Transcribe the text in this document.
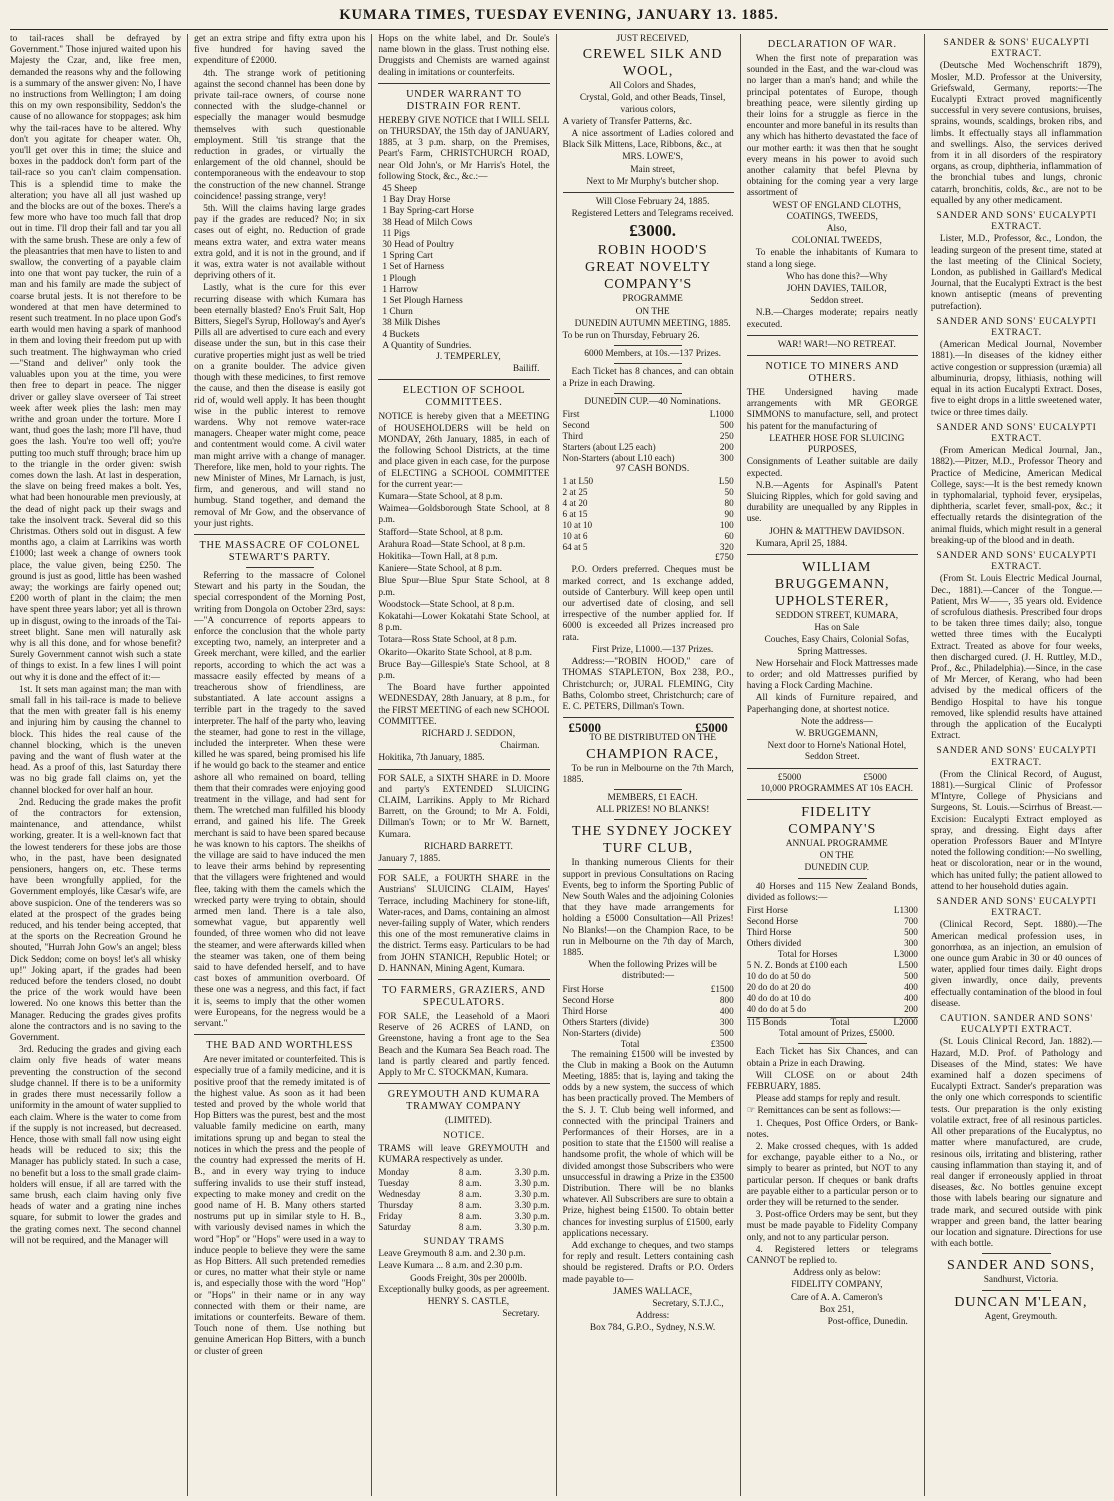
KUMARA TIMES, TUESDAY EVENING, JANUARY 13. 1885.

to tail-races shall be defrayed by Government." Those injured waited upon his Majesty the Czar, and, like free men, demanded the reasons why and the following is a summary of the answer given: No, I have no instructions from Wellington; I am doing this on my own responsibility, Seddon's the cause of no allowance for stoppages; ask him why the tail-races have to be altered. Why don't you agitate for cheaper water. Oh, you'll get over this in time; the sluice and boxes in the paddock don't form part of the tail-race so you can't claim compensation. This is a splendid time to make the alteration; you have all all just washed up and the blocks are out of the boxes. There's a few more who have too much fall that drop out in time. I'll drop their fall and tar you all with the same brush. These are only a few of the pleasantries that men have to listen to and swallow, the converting of a payable claim into one that wont pay tucker, the ruin of a man and his family are made the subject of coarse brutal jests. It is not therefore to be wondered at that men have determined to resent such treatment. In no place upon God's earth would men having a spark of manhood in them and loving their freedom put up with such treatment. The highwayman who cried—"Stand and deliver" only took the valuables upon you at the time, you were then free to depart in peace. The nigger driver or galley slave overseer of Tai street week after week plies the lash: men may writhe and groan under the torture. More I want, thud goes the lash; more I'll have, thud goes the lash. You're too well off; you're putting too much stuff through; brace him up to the triangle in the order given: swish comes down the lash. At last in desperation, the slave on being freed makes a bolt. Yes, what had been honourable men previously, at the dead of night pack up their swags and take the insolvent track. Several did so this Christmas. Others sold out in disgust. A few months ago, a claim at Larrikins was worth £1000; last week a change of owners took place, the value given, being £250. The ground is just as good, little has been washed away; the workings are fairly opened out; £200 worth of plant in the claim; the men have spent three years labor; yet all is thrown up in disgust, owing to the inroads of the Tai-street blight. Sane men will naturally ask why is all this done, and for whose benefit? Surely Government cannot wish such a state of things to exist. In a few lines I will point out why it is done and the effect of it:—

1st. It sets man against man; the man with small fall in his tail-race is made to believe that the men with greater fall is his enemy and injuring him by causing the channel to block. This hides the real cause of the channel blocking, which is the uneven paving and the want of flush water at the head. As a proof of this, last Saturday there was no big grade fall claims on, yet the channel blocked for over half an hour.

2nd. Reducing the grade makes the profit of the contractors for extension, maintenance, and attendance, whilst working, greater. It is a well-known fact that the lowest tenderers for these jobs are those who, in the past, have been designated pensioners, hangers on, etc. These terms have been wrongfully applied, for the Government employés, like Cæsar's wife, are above suspicion. One of the tenderers was so elated at the prospect of the grades being reduced, and his tender being accepted, that at the sports on the Recreation Ground he shouted, "Hurrah John Gow's an angel; bless Dick Seddon; come on boys! let's all whisky up!" Joking apart, if the grades had been reduced before the tenders closed, no doubt the price of the work would have been lowered. No one knows this better than the Manager. Reducing the grades gives profits alone the contractors and is no saving to the Government.

3rd. Reducing the grades and giving each claim only five heads of water means preventing the construction of the second sludge channel. If there is to be a uniformity in grades there must necessarily follow a uniformity in the amount of water supplied to each claim. Where is the water to come from if the supply is not increased, but decreased. Hence, those with small fall now using eight heads will be reduced to six; this the Manager has publicly stated. In such a case, no benefit but a loss to the small grade claim-holders will ensue, if all are tarred with the same brush, each claim having only five heads of water and a grating nine inches square, for submit to lower the grades and the grating comes next. The second channel will not be required, and the Manager will

get an extra stripe and fifty extra upon his five hundred for having saved the expenditure of £2000.

4th. The strange work of petitioning against the second channel has been done by private tail-race owners, of course none connected with the sludge-channel or especially the manager would besmudge themselves with such questionable employment. Still 'tis strange that the reduction in grades, or virtually the enlargement of the old channel, should be contemporaneous with the endeavour to stop the construction of the new channel. Strange coincidence! passing strange, very!

5th. Will the claims having large grades pay if the grades are reduced? No; in six cases out of eight, no. Reduction of grade means extra water, and extra water means extra gold, and it is not in the ground, and if it was, extra water is not available without depriving others of it.

Lastly, what is the cure for this ever recurring disease with which Kumara has been eternally blasted? Eno's Fruit Salt, Hop Bitters, Siegel's Syrup, Holloway's and Ayer's Pills all are advertised to cure each and every disease under the sun, but in this case their curative properties might just as well be tried on a granite boulder. The advice given though with these medicines, to first remove the cause, and then the disease is easily got rid of, would well apply. It has been thought wise in the public interest to remove wardens. Why not remove water-race managers. Cheaper water might come, peace and contentment would come. A civil water man might arrive with a change of manager. Therefore, like men, hold to your rights. The new Minister of Mines, Mr Larnach, is just, firm, and generous, and will stand no humbug. Stand together, and demand the removal of Mr Gow, and the observance of your just rights.

THE MASSACRE OF COLONEL STEWART'S PARTY.

Referring to the massacre of Colonel Stewart and his party in the Soudan, the special correspondent of the Morning Post, writing from Dongola on October 23rd, says:—"A concurrence of reports appears to enforce the conclusion that the whole party excepting two, namely, an interpreter and a Greek merchant, were killed, and the earlier reports, according to which the act was a massacre easily effected by means of a treacherous show of friendliness, are substantiated. A late account assigns a terrible part in the tragedy to the saved interpreter. The half of the party who, leaving the steamer, had gone to rest in the village, included the interpreter. When these were killed he was spared, being promised his life if he would go back to the steamer and entice ashore all who remained on board, telling them that their comrades were enjoying good treatment in the village, and had sent for them. The wretched man fulfilled his bloody errand, and gained his life. The Greek merchant is said to have been spared because he was known to his captors. The sheikhs of the village are said to have induced the men to leave their arms behind by representing that the villagers were frightened and would flee, taking with them the camels which the wrecked party were trying to obtain, should armed men land. There is a tale also, somewhat vague, but apparently well founded, of three women who did not leave the steamer, and were afterwards killed when the steamer was taken, one of them being said to have defended herself, and to have cast boxes of ammunition overboard. Of these one was a negress, and this fact, if fact it is, seems to imply that the other women were Europeans, for the negress would be a servant."

THE BAD AND WORTHLESS

Are never imitated or counterfeited. This is especially true of a family medicine, and it is positive proof that the remedy imitated is of the highest value. As soon as it had been tested and proved by the whole world that Hop Bitters was the purest, best and the most valuable family medicine on earth, many imitations sprung up and began to steal the notices in which the press and the people of the country had expressed the merits of H. B., and in every way trying to induce suffering invalids to use their stuff instead, expecting to make money and credit on the good name of H. B. Many others started nostrums put up in similar style to H. B., with variously devised names in which the word "Hop" or "Hops" were used in a way to induce people to believe they were the same as Hop Bitters. All such pretended remedies or cures, no matter what their style or name is, and especially those with the word "Hop" or "Hops" in their name or in any way connected with them or their name, are imitations or counterfeits. Beware of them. Touch none of them. Use nothing but genuine American Hop Bitters, with a bunch or cluster of green

Hops on the white label, and Dr. Soule's name blown in the glass. Trust nothing else. Druggists and Chemists are warned against dealing in imitations or counterfeits.

UNDER WARRANT TO DISTRAIN FOR RENT.

HEREBY GIVE NOTICE that I WILL SELL on THURSDAY, the 15th day of JANUARY, 1885, at 3 p.m. sharp, on the Premises, Peart's Farm, CHRISTCHURCH ROAD, near Old John's, or Mr Harris's Hotel, the following Stock, &c., &c.:—

45 Sheep
1 Bay Dray Horse
1 Bay Spring-cart Horse
38 Head of Milch Cows
11 Pigs
30 Head of Poultry
1 Spring Cart
1 Set of Harness
1 Plough
1 Harrow
1 Set Plough Harness
1 Churn
38 Milk Dishes
4 Buckets
A Quantity of Sundries.

J. TEMPERLEY,

Bailiff.

ELECTION OF SCHOOL COMMITTEES.

NOTICE is hereby given that a MEETING of HOUSEHOLDERS will be held on MONDAY, 26th January, 1885, in each of the following School Districts, at the time and place given in each case, for the purpose of ELECTING a SCHOOL COMMITTEE for the current year:—

Kumara—State School, at 8 p.m.

Waimea—Goldsborough State School, at 8 p.m.

Stafford—State School, at 8 p.m.

Arahura Road—State School, at 8 p.m.

Hokitika—Town Hall, at 8 p.m.

Kaniere—State School, at 8 p.m.

Blue Spur—Blue Spur State School, at 8 p.m.

Woodstock—State School, at 8 p.m.

Kokatahi—Lower Kokatahi State School, at 8 p.m.

Totara—Ross State School, at 8 p.m.

Okarito—Okarito State School, at 8 p.m.

Bruce Bay—Gillespie's State School, at 8 p.m.

The Board have further appointed WEDNESDAY, 28th January, at 8 p.m., for the FIRST MEETING of each new SCHOOL COMMITTEE.

RICHARD J. SEDDON,

Chairman.

Hokitika, 7th January, 1885.

FOR SALE, a SIXTH SHARE in D. Moore and party's EXTENDED SLUICING CLAIM, Larrikins. Apply to Mr Richard Barrett, on the Ground; to Mr A. Foldi, Dillman's Town; or to Mr W. Barnett, Kumara.

RICHARD BARRETT.

January 7, 1885.

FOR SALE, a FOURTH SHARE in the Austrians' SLUICING CLAIM, Hayes' Terrace, including Machinery for stone-lift, Water-races, and Dams, containing an almost never-failing supply of Water, which renders this one of the most remunerative claims in the district. Terms easy. Particulars to be had from JOHN STANICH, Republic Hotel; or D. HANNAN, Mining Agent, Kumara.

TO FARMERS, GRAZIERS, AND SPECULATORS.

FOR SALE, the Leasehold of a Maori Reserve of 26 ACRES of LAND, on Greenstone, having a front age to the Sea Beach and the Kumara Sea Beach road. The land is partly cleared and partly fenced. Apply to Mr C. STOCKMAN, Kumara.

GREYMOUTH AND KUMARA TRAMWAY COMPANY

(LIMITED).

NOTICE.

TRAMS will leave GREYMOUTH and KUMARA respectively as under.

Monday	8 a.m.	3.30 p.m.
Tuesday	8 a.m.	3.30 p.m.
Wednesday	8 a.m.	3.30 p.m.
Thursday	8 a.m.	3.30 p.m.
Friday	8 a.m.	3.30 p.m.
Saturday	8 a.m.	3.30 p.m.
SUNDAY TRAMS

Leave Greymouth 8 a.m. and 2.30 p.m.

Leave Kumara ... 8 a.m. and 2.30 p.m.

Goods Freight, 30s per 2000lb. Exceptionally bulky goods, as per agreement.

HENRY S. CASTLE,

Secretary.

JUST RECEIVED,

CREWEL SILK AND WOOL,

All Colors and Shades,

Crystal, Gold, and other Beads, Tinsel, various colors,

A variety of Transfer Patterns, &c.

A nice assortment of Ladies colored and Black Silk Mittens, Lace, Ribbons, &c., at

MRS. LOWE'S,

Main street,

Next to Mr Murphy's butcher shop.

Will Close February 24, 1885.

Registered Letters and Telegrams received.

£3000.

ROBIN HOOD'S GREAT NOVELTY COMPANY'S

PROGRAMME

ON THE

DUNEDIN AUTUMN MEETING, 1885.

To be run on Thursday, February 26.

6000 Members, at 10s.—137 Prizes.

Each Ticket has 8 chances, and can obtain a Prize in each Drawing.

DUNEDIN CUP.—40 Nominations.

First	L1000
Second	500
Third	250
Starters (about L25 each)	200
Non-Starters (about L10 each)	300

97 CASH BONDS.

1 at L50	L50
2 at 25	50
4 at 20	80
6 at 15	90
10 at 10	100
10 at 6	60
64 at 5	320

£750

P.O. Orders preferred. Cheques must be marked correct, and 1s exchange added, outside of Canterbury. Will keep open until our advertised date of closing, and sell irrespective of the number applied for. If 6000 is exceeded all Prizes increased pro rata.

First Prize, L1000.—137 Prizes.

Address:—"ROBIN HOOD," care of THOMAS STAPLETON, Box 238, P.O., Christchurch; or, JURAL FLEMING, City Baths, Colombo street, Christchurch; care of E. C. PETERS, Dillman's Town.

£5000	£5000

TO BE DISTRIBUTED ON THE

CHAMPION RACE,

To be run in Melbourne on the 7th March, 1885.

MEMBERS, £1 EACH.

ALL PRIZES! NO BLANKS!

THE SYDNEY JOCKEY TURF CLUB,

In thanking numerous Clients for their support in previous Consultations on Racing Events, beg to inform the Sporting Public of New South Wales and the adjoining Colonies that they have made arrangements for holding a £5000 Consultation—All Prizes! No Blanks!—on the Champion Race, to be run in Melbourne on the 7th day of March, 1885.

When the following Prizes will be distributed:—

First Horse	£1500
Second Horse	800
Third Horse	400
Others Starters (divide)	300
Non-Starters (divide)	500
Total	£3500

The remaining £1500 will be invested by the Club in making a Book on the Autumn Meeting, 1885: that is, laying and taking the odds by a new system, the success of which has been practically proved. The Members of the S. J. T. Club being well informed, and connected with the principal Trainers and Performances of their Horses, are in a position to state that the £1500 will realise a handsome profit, the whole of which will be divided amongst those Subscribers who were unsuccessful in drawing a Prize in the £3500 Distribution. There will be no blanks whatever. All Subscribers are sure to obtain a Prize, highest being £1500. To obtain better chances for investing surplus of £1500, early applications necessary.

Add exchange to cheques, and two stamps for reply and result. Letters containing cash should be registered. Drafts or P.O. Orders made payable to—

JAMES WALLACE,

Secretary, S.T.J.C.,

Address:

Box 784, G.P.O., Sydney, N.S.W.

DECLARATION OF WAR.

When the first note of preparation was sounded in the East, and the war-cloud was no larger than a man's hand; and while the principal potentates of Europe, though breathing peace, were silently girding up their loins for a struggle as fierce in the encounter and more baneful in its results than any which has hitherto devastated the face of our mother earth: it was then that he sought every means in his power to avoid such another calamity that befel Plevna by obtaining for the coming year a very large assortment of

WEST OF ENGLAND CLOTHS, COATINGS, TWEEDS,

Also,

COLONIAL TWEEDS,

To enable the inhabitants of Kumara to stand a long siege.

Who has done this?—Why

JOHN DAVIES, TAILOR,

Seddon street.

N.B.—Charges moderate; repairs neatly executed.

WAR! WAR!—NO RETREAT.

NOTICE TO MINERS AND OTHERS.

THE Undersigned having made arrangements with MR GEORGE SIMMONS to manufacture, sell, and protect his patent for the manufacturing of

LEATHER HOSE FOR SLUICING PURPOSES,

Consignments of Leather suitable are daily expected.

N.B.—Agents for Aspinall's Patent Sluicing Ripples, which for gold saving and durability are unequalled by any Ripples in use.

JOHN & MATTHEW DAVIDSON.

Kumara, April 25, 1884.

WILLIAM BRUGGEMANN, UPHOLSTERER,

SEDDON STREET, KUMARA,

Has on Sale

Couches, Easy Chairs, Colonial Sofas, Spring Mattresses.

New Horsehair and Flock Mattresses made to order; and old Mattresses purified by having a Flock Carding Machine.

All kinds of Furniture repaired, and Paperhanging done, at shortest notice.

Note the address—

W. BRUGGEMANN,

Next door to Horne's National Hotel, Seddon Street.

£5000	£5000

10,000 PROGRAMMES AT 10s EACH.

FIDELITY COMPANY'S

ANNUAL PROGRAMME

ON THE

DUNEDIN CUP.

40 Horses and 115 New Zealand Bonds, divided as follows:—

First Horse	L1300
Second Horse	700
Third Horse	500
Others divided	300
Total for Horses	L3000
5 N. Z. Bonds at £100 each	L500
10 do do at 50 do	500
20 do do at 20 do	400
40 do do at 10 do	400
40 do do at 5 do	200
115 Bonds	Total	L2000

Total amount of Prizes, £5000.

Each Ticket has Six Chances, and can obtain a Prize in each Drawing.

Will CLOSE on or about 24th FEBRUARY, 1885.

Please add stamps for reply and result.

☞ Remittances can be sent as follows:—

1. Cheques, Post Office Orders, or Bank-notes.

2. Make crossed cheques, with 1s added for exchange, payable either to a No., or simply to bearer as printed, but NOT to any particular person. If cheques or bank drafts are payable either to a particular person or to order they will be returned to the sender.

3. Post-office Orders may be sent, but they must be made payable to Fidelity Company only, and not to any particular person.

4. Registered letters or telegrams CANNOT be replied to.

Address only as below:

FIDELITY COMPANY,

Care of A. A. Cameron's

Box 251,

Post-office, Dunedin.

SANDER & SONS' EUCALYPTI EXTRACT.

(Deutsche Med Wochenschrift 1879), Mosler, M.D. Professor at the University, Griefswald, Germany, reports:—The Eucalypti Extract proved magnificently successful in very severe contusions, bruises, sprains, wounds, scaldings, broken ribs, and limbs. It effectually stays all inflammation and swellings. Also, the services derived from it in all disorders of the respiratory organs, as croup, diphtheria, inflammation of the bronchial tubes and lungs, chronic catarrh, bronchitis, colds, &c., are not to be equalled by any other medicament.

SANDER AND SONS' EUCALYPTI EXTRACT.

Lister, M.D., Professor, &c., London, the leading surgeon of the present time, stated at the last meeting of the Clinical Society, London, as published in Gaillard's Medical Journal, that the Eucalypti Extract is the best known antiseptic (means of preventing putrefaction).

SANDER AND SONS' EUCALYPTI EXTRACT.

(American Medical Journal, November 1881).—In diseases of the kidney either active congestion or suppression (uræmia) all albuminuria, dropsy, lithiasis, nothing will equal in its action Eucalypti Extract. Doses, five to eight drops in a little sweetened water, twice or three times daily.

SANDER AND SONS' EUCALYPTI EXTRACT.

(From American Medical Journal, Jan., 1882).—Pitzer, M.D., Professor Theory and Practice of Medicine, American Medical College, says:—It is the best remedy known in typhomalarial, typhoid fever, erysipelas, diphtheria, scarlet fever, small-pox, &c.; it effectually retards the disintegration of the animal fluids, which might result in a general breaking-up of the blood and in death.

SANDER AND SONS' EUCALYPTI EXTRACT.

(From St. Louis Electric Medical Journal, Dec., 1881).—Cancer of the Tongue.—Patient, Mrs W——, 35 years old. Evidence of scrofulous diathesis. Prescribed four drops to be taken three times daily; also, tongue wetted three times with the Eucalypti Extract. Treated as above for four weeks, then discharged cured. (J. H. Ruttley, M.D., Prof., &c., Philadelphia).—Since, in the case of Mr Mercer, of Kerang, who had been advised by the medical officers of the Bendigo Hospital to have his tongue removed, like splendid results have attained through the application of the Eucalypti Extract.

SANDER AND SONS' EUCALYPTI EXTRACT.

(From the Clinical Record, of August, 1881).—Surgical Clinic of Professor M'Intyre, College of Physicians and Surgeons, St. Louis.—Scirrhus of Breast.—Excision: Eucalypti Extract employed as spray, and dressing. Eight days after operation Professors Bauer and M'Intyre noted the following condition:—No swelling, heat or discoloration, near or in the wound, which has united fully; the patient allowed to attend to her household duties again.

SANDER AND SONS' EUCALYPTI EXTRACT.

(Clinical Record, Sept. 1880).—The American medical profession uses, in gonorrhœa, as an injection, an emulsion of one ounce gum Arabic in 30 or 40 ounces of water, applied four times daily. Eight drops given inwardly, once daily, prevents effectually contamination of the blood in foul disease.

CAUTION. SANDER AND SONS' EUCALYPTI EXTRACT.

(St. Louis Clinical Record, Jan. 1882).—Hazard, M.D. Prof. of Pathology and Diseases of the Mind, states: We have examined half a dozen specimens of Eucalypti Extract. Sander's preparation was the only one which corresponds to scientific tests. Our preparation is the only existing volatile extract, free of all resinous particles. All other preparations of the Eucalyptus, no matter where manufactured, are crude, resinous oils, irritating and blistering, rather causing inflammation than staying it, and of real danger if erroneously applied in throat diseases, &c. No bottles genuine except those with labels bearing our signature and trade mark, and secured outside with pink wrapper and green band, the latter bearing our location and signature. Directions for use with each bottle.

SANDER AND SONS,

Sandhurst, Victoria.

DUNCAN M'LEAN,

Agent, Greymouth.
